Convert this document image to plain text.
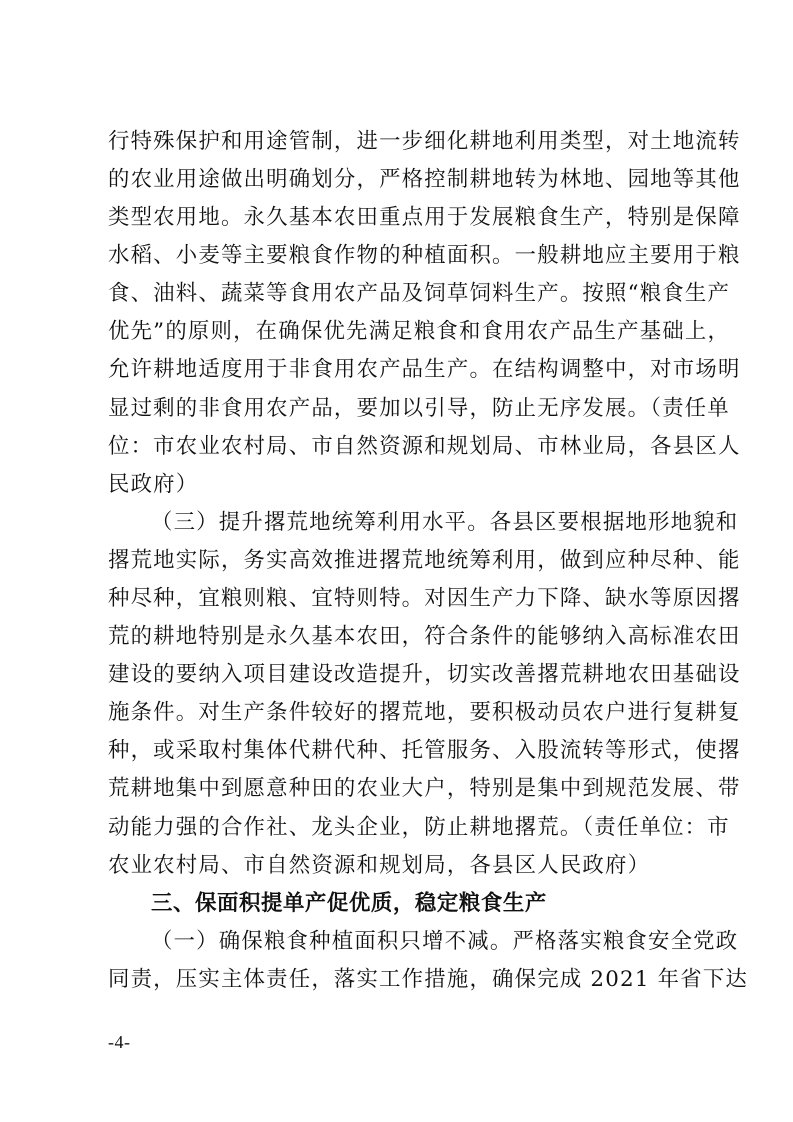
行特殊保护和用途管制，进一步细化耕地利用类型，对土地流转
的农业用途做出明确划分，严格控制耕地转为林地、园地等其他
类型农用地。永久基本农田重点用于发展粮食生产，特别是保障
水稻、小麦等主要粮食作物的种植面积。一般耕地应主要用于粮
食、油料、蔬菜等食用农产品及饲草饲料生产。按照“粮食生产
优先”的原则，在确保优先满足粮食和食用农产品生产基础上，
允许耕地适度用于非食用农产品生产。在结构调整中，对市场明
显过剩的非食用农产品，要加以引导，防止无序发展。（责任单
位：市农业农村局、市自然资源和规划局、市林业局，各县区人
民政府）
（三）提升撂荒地统筹利用水平。各县区要根据地形地貌和
撂荒地实际，务实高效推进撂荒地统筹利用，做到应种尽种、能
种尽种，宜粮则粮、宜特则特。对因生产力下降、缺水等原因撂
荒的耕地特别是永久基本农田，符合条件的能够纳入高标准农田
建设的要纳入项目建设改造提升，切实改善撂荒耕地农田基础设
施条件。对生产条件较好的撂荒地，要积极动员农户进行复耕复
种，或采取村集体代耕代种、托管服务、入股流转等形式，使撂
荒耕地集中到愿意种田的农业大户，特别是集中到规范发展、带
动能力强的合作社、龙头企业，防止耕地撂荒。（责任单位：市
农业农村局、市自然资源和规划局，各县区人民政府）
三、保面积提单产促优质，稳定粮食生产
（一）确保粮食种植面积只增不减。严格落实粮食安全党政
同责，压实主体责任，落实工作措施，确保完成 2021 年省下达
-4-
